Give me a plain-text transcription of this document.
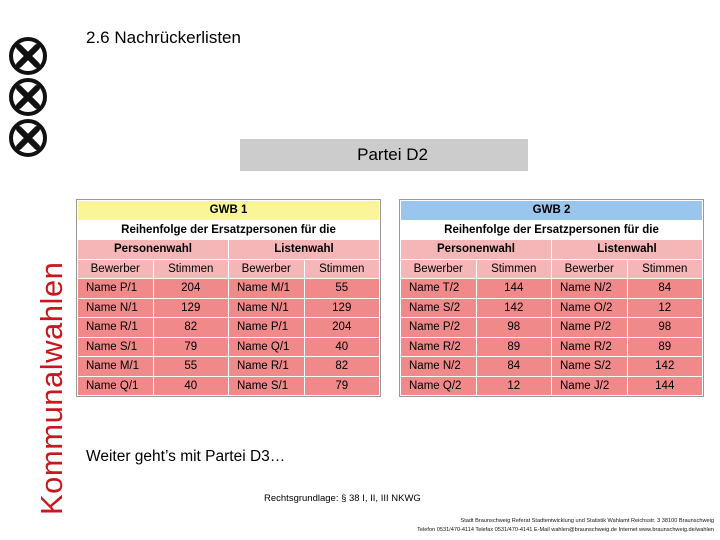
Kommunalwahlen
2.6 Nachrückerlisten
Partei D2
GWB 1			
Reihenfolge der Ersatzpersonen für die			
Personenwahl		Listenwahl	
Bewerber	Stimmen	Bewerber	Stimmen
Name P/1	204	Name M/1	55
Name N/1	129	Name N/1	129
Name R/1	82	Name P/1	204
Name S/1	79	Name Q/1	40
Name M/1	55	Name R/1	82
Name Q/1	40	Name S/1	79
GWB 2			
Reihenfolge der Ersatzpersonen für die			
Personenwahl		Listenwahl	
Bewerber	Stimmen	Bewerber	Stimmen
Name T/2	144	Name N/2	84
Name S/2	142	Name O/2	12
Name P/2	98	Name P/2	98
Name R/2	89	Name R/2	89
Name N/2	84	Name S/2	142
Name Q/2	12	Name J/2	144
Weiter geht’s mit Partei D3…
Rechtsgrundlage: § 38 I, II, III NKWG
Stadt Braunschweig Referat Stadtentwicklung und Statistik Wahlamt Reichsstr. 3 38100 Braunschweig
Telefon 0531/470-4114 Telefax 0531/470-4141 E-Mail wahlen@braunschweig.de Internet www.braunschweig.de/wahlen
